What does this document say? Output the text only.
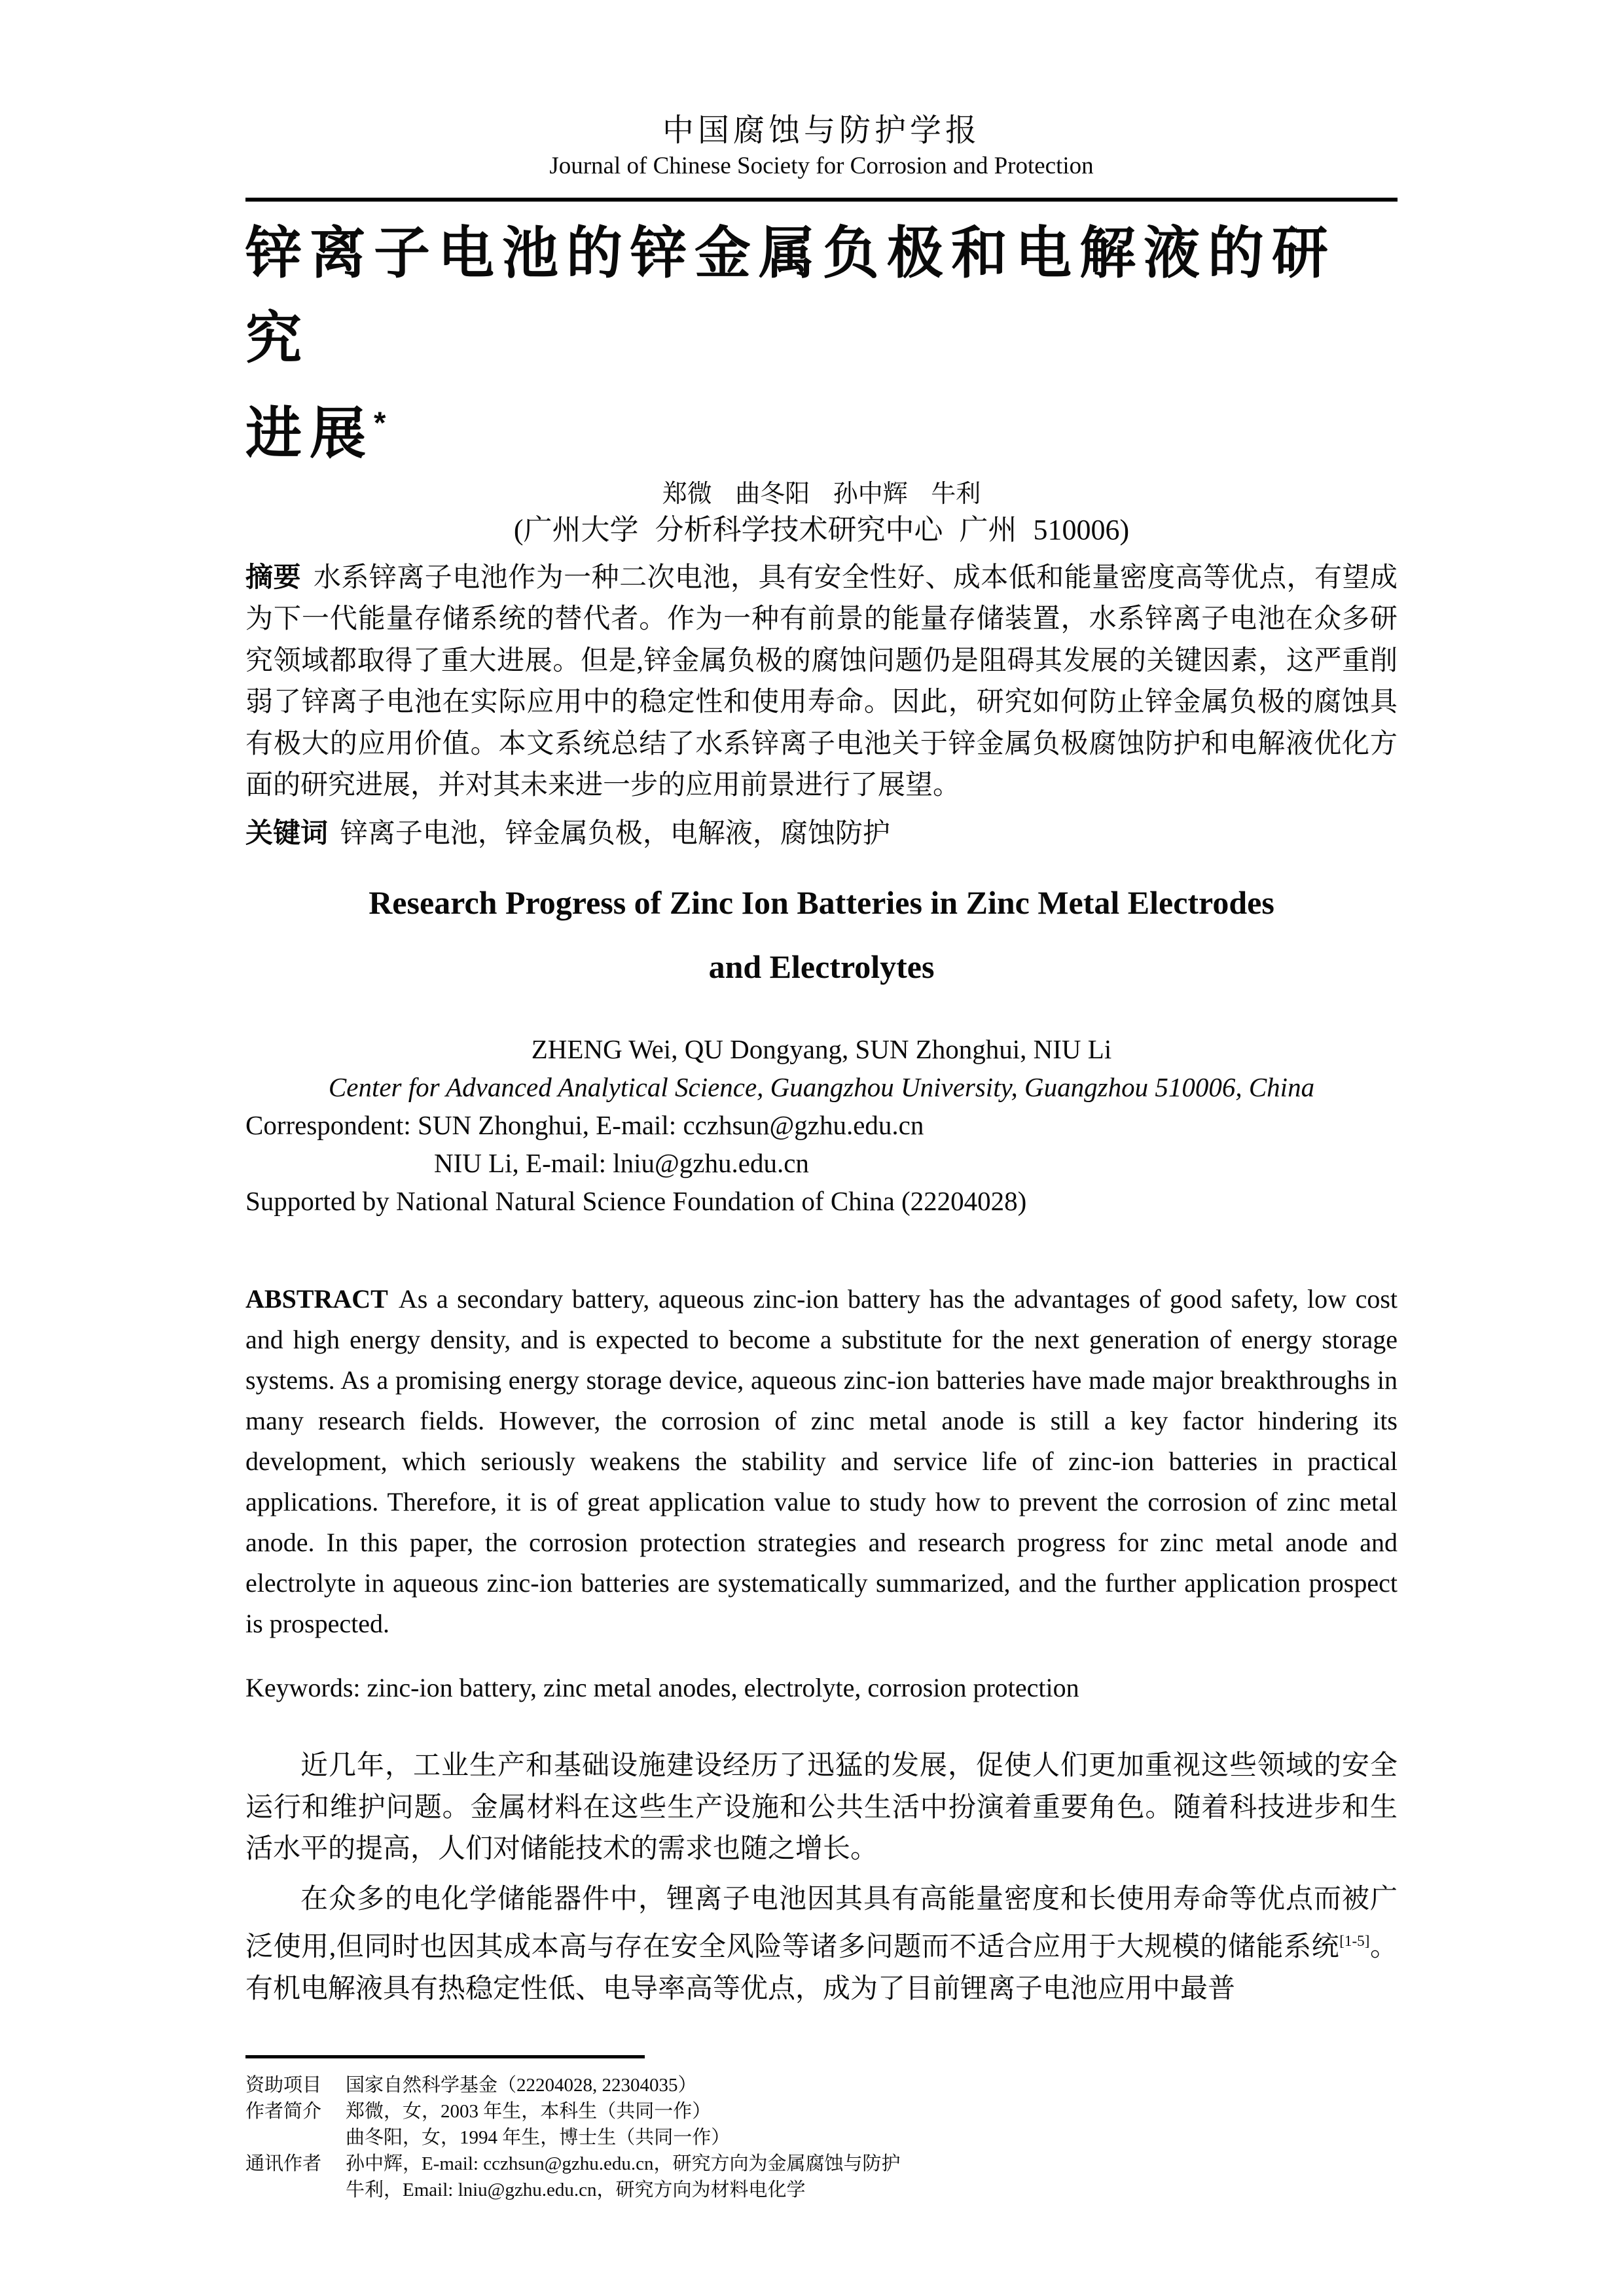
中国腐蚀与防护学报
Journal of Chinese Society for Corrosion and Protection
锌离子电池的锌金属负极和电解液的研究
进展*
郑微 曲冬阳 孙中辉 牛利
(广州大学 分析科学技术研究中心 广州 510006)
摘要 水系锌离子电池作为一种二次电池，具有安全性好、成本低和能量密度高等优点，有望成为下一代能量存储系统的替代者。作为一种有前景的能量存储装置，水系锌离子电池在众多研究领域都取得了重大进展。但是,锌金属负极的腐蚀问题仍是阻碍其发展的关键因素，这严重削弱了锌离子电池在实际应用中的稳定性和使用寿命。因此，研究如何防止锌金属负极的腐蚀具有极大的应用价值。本文系统总结了水系锌离子电池关于锌金属负极腐蚀防护和电解液优化方面的研究进展，并对其未来进一步的应用前景进行了展望。
关键词 锌离子电池，锌金属负极，电解液，腐蚀防护
Research Progress of Zinc Ion Batteries in Zinc Metal Electrodes
and Electrolytes
ZHENG Wei, QU Dongyang, SUN Zhonghui, NIU Li
Center for Advanced Analytical Science, Guangzhou University, Guangzhou 510006, China
Correspondent: SUN Zhonghui, E-mail: cczhsun@gzhu.edu.cn
NIU Li, E-mail: lniu@gzhu.edu.cn
Supported by National Natural Science Foundation of China (22204028)
ABSTRACT As a secondary battery, aqueous zinc-ion battery has the advantages of good safety, low cost and high energy density, and is expected to become a substitute for the next generation of energy storage systems. As a promising energy storage device, aqueous zinc-ion batteries have made major breakthroughs in many research fields. However, the corrosion of zinc metal anode is still a key factor hindering its development, which seriously weakens the stability and service life of zinc-ion batteries in practical applications. Therefore, it is of great application value to study how to prevent the corrosion of zinc metal anode. In this paper, the corrosion protection strategies and research progress for zinc metal anode and electrolyte in aqueous zinc-ion batteries are systematically summarized, and the further application prospect is prospected.
Keywords: zinc-ion battery, zinc metal anodes, electrolyte, corrosion protection

近几年，工业生产和基础设施建设经历了迅猛的发展，促使人们更加重视这些领域的安全运行和维护问题。金属材料在这些生产设施和公共生活中扮演着重要角色。随着科技进步和生活水平的提高，人们对储能技术的需求也随之增长。

在众多的电化学储能器件中，锂离子电池因其具有高能量密度和长使用寿命等优点而被广泛使用,但同时也因其成本高与存在安全风险等诸多问题而不适合应用于大规模的储能系统[1-5]。有机电解液具有热稳定性低、电导率高等优点，成为了目前锂离子电池应用中最普

资助项目	国家自然科学基金（22204028, 22304035）
作者简介	郑微，女，2003 年生，本科生（共同一作）
曲冬阳，女，1994 年生，博士生（共同一作）
通讯作者	孙中辉，E-mail: cczhsun@gzhu.edu.cn，研究方向为金属腐蚀与防护
牛利，Email: lniu@gzhu.edu.cn，研究方向为材料电化学
